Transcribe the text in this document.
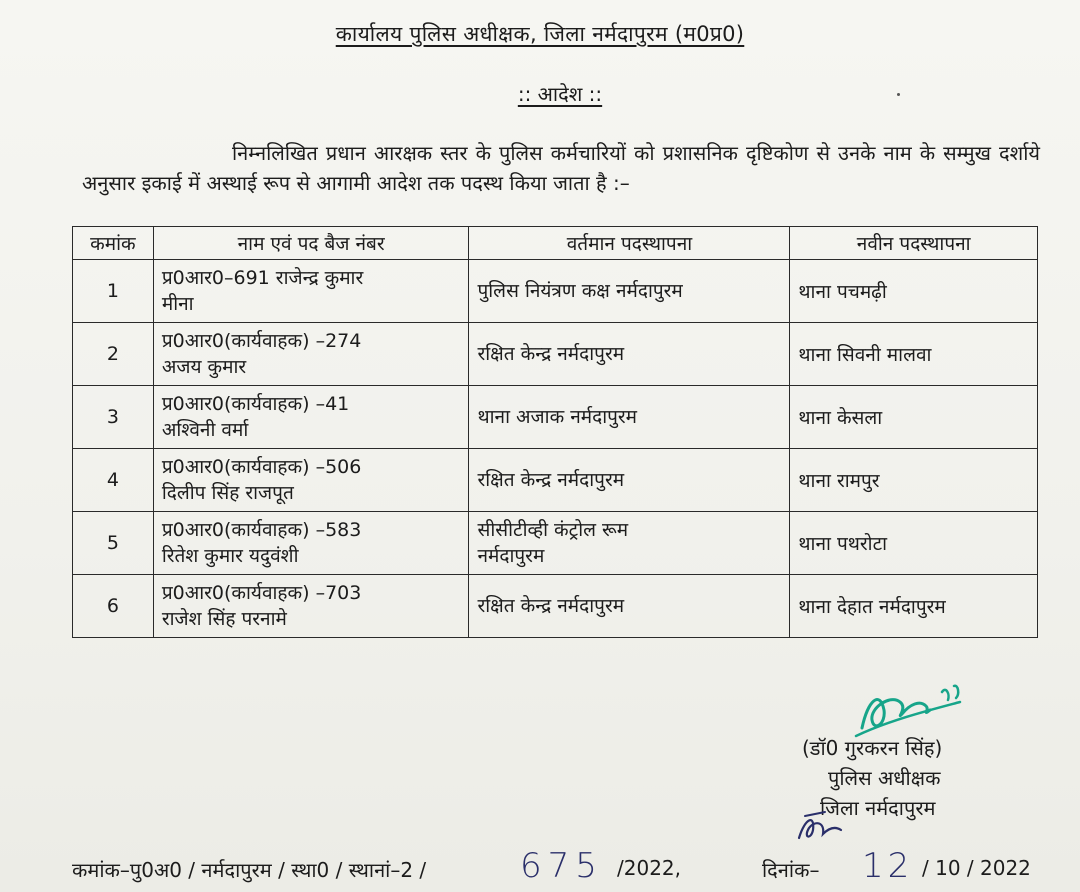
कार्यालय पुलिस अधीक्षक, जिला नर्मदापुरम (म0प्र0)
:: आदेश ::
निम्नलिखित प्रधान आरक्षक स्तर के पुलिस कर्मचारियों को प्रशासनिक दृष्टिकोण से उनके नाम के सम्मुख दर्शाये अनुसार इकाई में अस्थाई रूप से आगामी आदेश तक पदस्थ किया जाता है :–
कमांक	नाम एवं पद बैज नंबर	वर्तमान पदस्थापना	नवीन पदस्थापना
1	प्र0आर0–691 राजेन्द्र कुमार
मीना	पुलिस नियंत्रण कक्ष नर्मदापुरम	थाना पचमढ़ी
2	प्र0आर0(कार्यवाहक) –274
अजय कुमार	रक्षित केन्द्र नर्मदापुरम	थाना सिवनी मालवा
3	प्र0आर0(कार्यवाहक) –41
अश्विनी वर्मा	थाना अजाक नर्मदापुरम	थाना केसला
4	प्र0आर0(कार्यवाहक) –506
दिलीप सिंह राजपूत	रक्षित केन्द्र नर्मदापुरम	थाना रामपुर
5	प्र0आर0(कार्यवाहक) –583
रितेश कुमार यदुवंशी	सीसीटीव्ही कंट्रोल रूम
नर्मदापुरम	थाना पथरोटा
6	प्र0आर0(कार्यवाहक) –703
राजेश सिंह परनामे	रक्षित केन्द्र नर्मदापुरम	थाना देहात नर्मदापुरम
(डॉ0 गुरकरन सिंह)
पुलिस अधीक्षक
जिला नर्मदापुरम
कमांक–पु0अ0 / नर्मदापुरम / स्था0 / स्थानां–2 /	675 /2022,	दिनांक– 12 / 10 / 2022
